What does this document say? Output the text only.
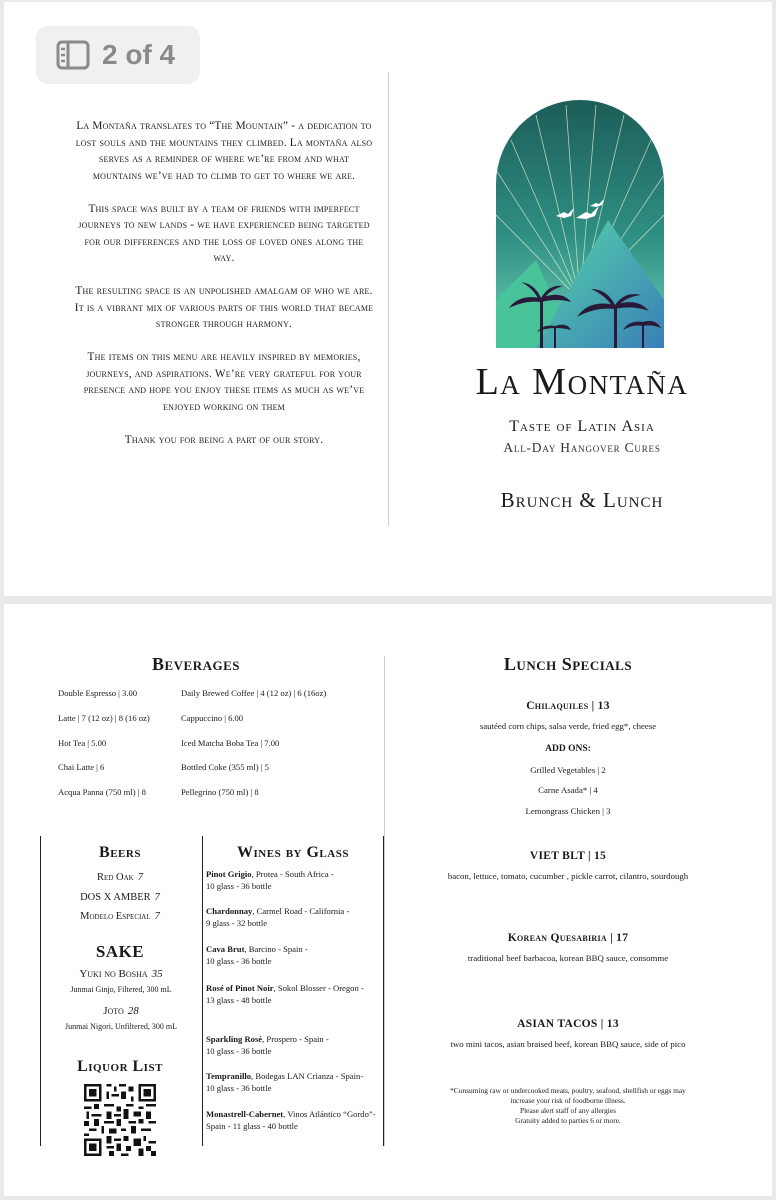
2 of 4

La Montaña translates to “The Mountain” - a dedication to lost souls and the mountains they climbed. La montaña also serves as a reminder of where we’re from and what mountains we’ve had to climb to get to where we are.

This space was built by a team of friends with imperfect journeys to new lands - we have experienced being targeted for our differences and the loss of loved ones along the way.

The resulting space is an unpolished amalgam of who we are. It is a vibrant mix of various parts of this world that became stronger through harmony.

The items on this menu are heavily inspired by memories, journeys, and aspirations. We’re very grateful for your presence and hope you enjoy these items as much as we’ve enjoyed working on them

Thank you for being a part of our story.

La Montaña
Taste of Latin Asia
All-Day Hangover Cures
Brunch & Lunch
Beverages
Double Espresso | 3.00	Daily Brewed Coffee | 4 (12 oz) | 6 (16oz)
Latte | 7 (12 oz) | 8 (16 oz)	Cappuccino | 6.00
Hot Tea | 5.00	Iced Matcha Boba Tea | 7.00
Chai Latte | 6	Bottled Coke (355 ml) | 5
Acqua Panna (750 ml) | 8	Pellegrino (750 ml) | 8
Beers
Red Oak 7
DOS X AMBER 7
Modelo Especial 7
SAKE
Yuki no Bosha 35
Junmai Ginjo, Filtered, 300 mL
Joto 28
Junmai Nigori, Unfiltered, 300 mL
Liquor List
Wines by Glass
Pinot Grigio, Protea - South Africa -
10 glass - 36 bottle
Chardonnay, Carmel Road - California -
9 glass - 32 bottle
Cava Brut, Barcino - Spain -
10 glass - 36 bottle
Rosé of Pinot Noir, Sokol Blosser - Oregon -
13 glass - 48 bottle
Sparkling Rosé, Prospero - Spain -
10 glass - 36 bottle
Tempranillo, Bodegas LAN Crianza - Spain-
10 glass - 36 bottle
Monastrell-Cabernet, Vinos Atlántico “Gordo”- Spain - 11 glass - 40 bottle
Lunch Specials
Chilaquiles | 13
sautéed corn chips, salsa verde, fried egg*, cheese
ADD ONS:
Grilled Vegetables | 2
Carne Asada* | 4
Lemongrass Chicken | 3
VIET BLT | 15
bacon, lettuce, tomato, cucumber , pickle carrot, cilantro, sourdough
Korean Quesabiria | 17
traditional beef barbacoa, korean BBQ sauce, consomme
ASIAN TACOS | 13
two mini tacos, asian braised beef, korean BBQ sauce, side of pico
*Consuming raw or undercooked meats, poultry, seafood, shellfish or eggs may
increase your risk of foodborne illness.
Please alert staff of any allergies
Gratuity added to parties 6 or more.
